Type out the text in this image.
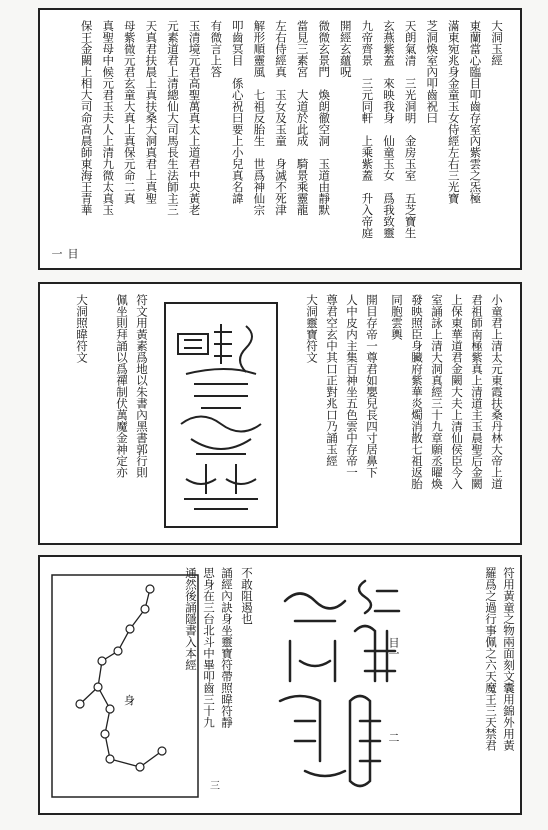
目一
大洞玉經
東蘭當心臨目叩齒存室內紫雲之炁極
滿東宛兆身金童玉女侍經左右三光寶
芝洞煥室內叩齒祝曰
天朗氣清　三光洞明　金房玉室　五芝寶生
玄燕紫蓋　來映我身　仙童玉女　爲我致靈
九帝齊景　三元同軒　上乘紫蓋　升入帝庭
開經玄蘊呪
微微玄景門　煥朗徹空洞　玉道由靜默
當見三素宮　大道於此成　騎景乘靈龍
左右侍經真　玉女及玉童　身滅不死津
解形順靈風　七祖反胎生　世爲神仙宗
叩齒冥目　係心祝曰要上小兒真名諱
有微言上答
玉清境元君高聖萬真太上道君中央黃老
元素道君上清總仙大司馬長生法師主三
天真君扶晨上真扶桑大洞真君上真聖
母紫微元君玄童大真上真保元命二真
真聖母中候元君玉夫人上清九微太真玉
保王金闕上相大司命高晨師東海王青華
小童君上清太元東霞扶桑丹林大帝上道
君祖師南極紫真上清道主玉晨聖后金闕
上保東華道君金闕大夫上清仙侯臣今入
室誦詠上清大洞真經三十九章願丞曜煥
發映照臣身臟府紫華炎燭消散七祖返胎
同胞雲輿
開目存帝一尊君如嬰兒長四寸居鼻下
人中皮内主集百神坐五色雲中存帝一
尊君空玄中其口正對兆口乃誦玉經
大洞靈寶符文
符文用黃素爲地以朱書內黑書郭行則
佩坐則拜誦以爲禪制伏萬魔金神定亦
大洞照暐符文
符用黃童之物兩面刻文囊用錦外用黃
羅爲之過行事佩之六天魔王三天禁君
不敢阻遏也
誦經內訣身坐靈寶符帶照暐符靜
思身在三台北斗中畢叩齒三十九
通然後誦隱書入本經	目一
二
身
三
